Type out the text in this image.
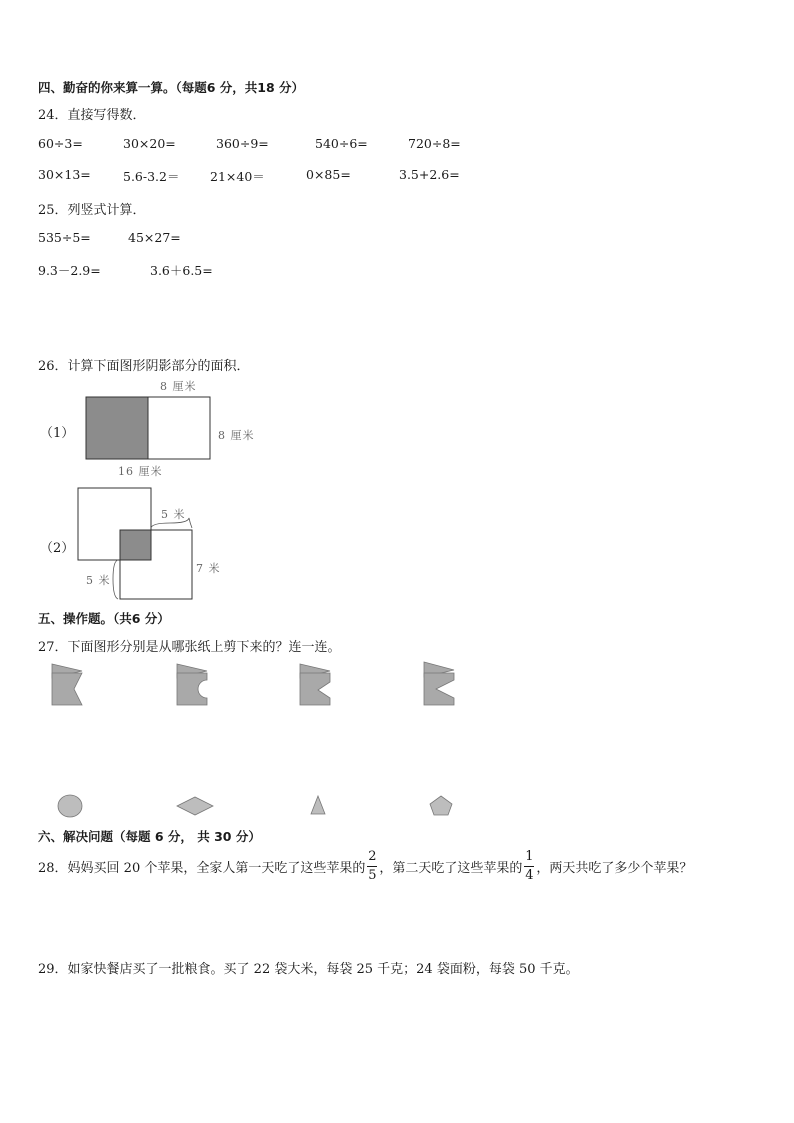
四、勤奋的你来算一算。（每题6 分，共18 分）
24．直接写得数．
60÷3=	30×20=	360÷9=	540÷6=	720÷8=
30×13=	5.6-3.2＝ 21×40＝	0×85=	3.5+2.6=
25．列竖式计算．
535÷5=	45×27=
9.3－2.9=	3.6＋6.5=
26．计算下面图形阴影部分的面积．
（1）
8 厘米
8 厘米
16 厘米
（2）
5 米
7 米
5 米
五、操作题。（共6 分）
27．下面图形分别是从哪张纸上剪下来的？连一连。
六、解决问题（每题 6 分， 共 30 分）
28．妈妈买回 20 个苹果，全家人第一天吃了这些苹果的 $\frac{2}{5}$ ，第二天吃了这些苹果的 $\frac{1}{4}$ ，两天共吃了多少个苹果？
29．如家快餐店买了一批粮食。买了 22 袋大米，每袋 25 千克；24 袋面粉，每袋 50 千克。
